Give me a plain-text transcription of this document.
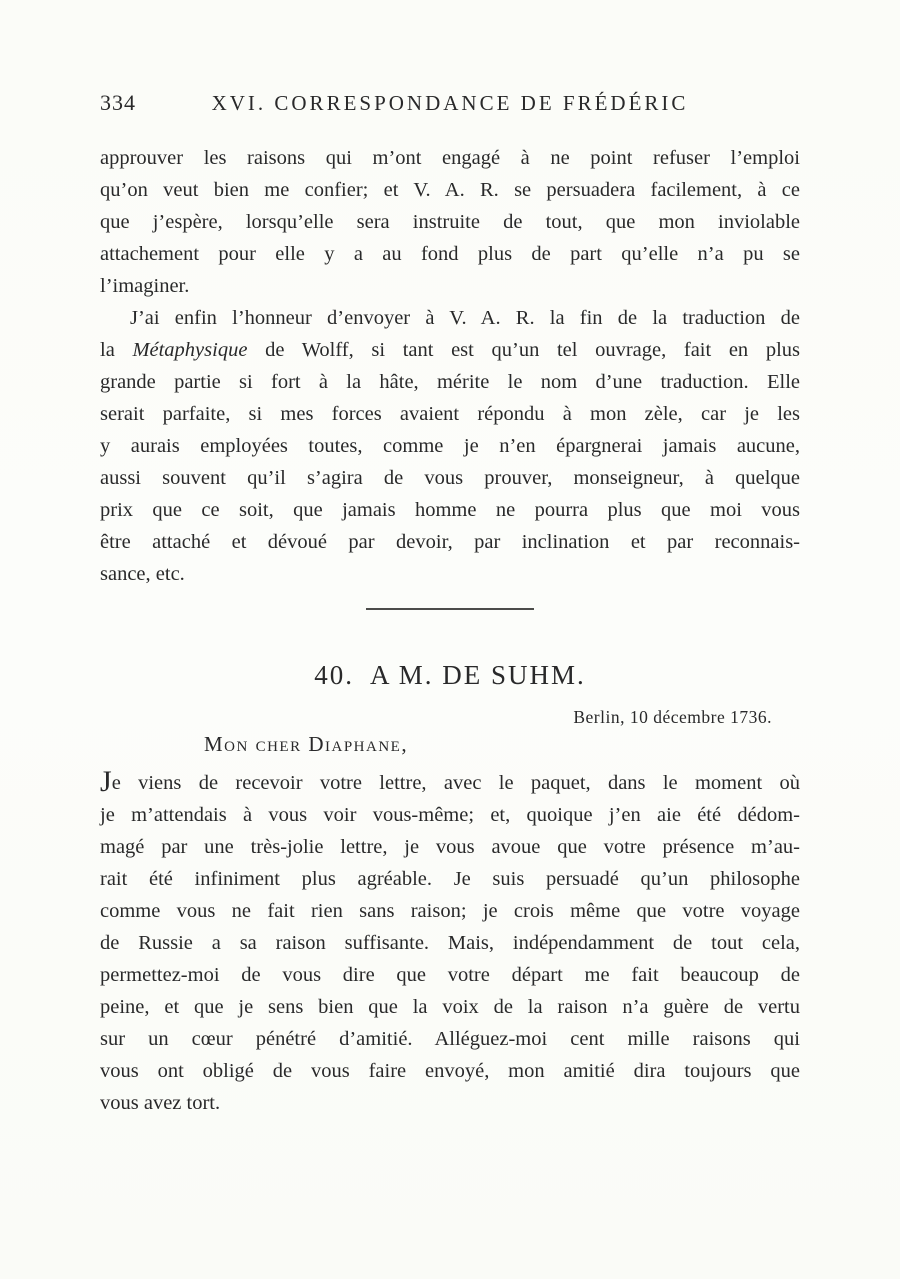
334	XVI. CORRESPONDANCE DE FRÉDÉRIC
approuver les raisons qui m’ont engagé à ne point refuser l’emploi
qu’on veut bien me confier; et V. A. R. se persuadera facilement, à ce
que j’espère, lorsqu’elle sera instruite de tout, que mon inviolable
attachement pour elle y a au fond plus de part qu’elle n’a pu se
l’imaginer.
J’ai enfin l’honneur d’envoyer à V. A. R. la fin de la traduction de
la Métaphysique de Wolff, si tant est qu’un tel ouvrage, fait en plus
grande partie si fort à la hâte, mérite le nom d’une traduction. Elle
serait parfaite, si mes forces avaient répondu à mon zèle, car je les
y aurais employées toutes, comme je n’en épargnerai jamais aucune,
aussi souvent qu’il s’agira de vous prouver, monseigneur, à quelque
prix que ce soit, que jamais homme ne pourra plus que moi vous
être attaché et dévoué par devoir, par inclination et par reconnais-
sance, etc.
40. A M. DE SUHM.
Berlin, 10 décembre 1736.
Mon cher Diaphane,
Je viens de recevoir votre lettre, avec le paquet, dans le moment où
je m’attendais à vous voir vous-même; et, quoique j’en aie été dédom-
magé par une très-jolie lettre, je vous avoue que votre présence m’au-
rait été infiniment plus agréable. Je suis persuadé qu’un philosophe
comme vous ne fait rien sans raison; je crois même que votre voyage
de Russie a sa raison suffisante. Mais, indépendamment de tout cela,
permettez-moi de vous dire que votre départ me fait beaucoup de
peine, et que je sens bien que la voix de la raison n’a guère de vertu
sur un cœur pénétré d’amitié. Alléguez-moi cent mille raisons qui
vous ont obligé de vous faire envoyé, mon amitié dira toujours que
vous avez tort.
